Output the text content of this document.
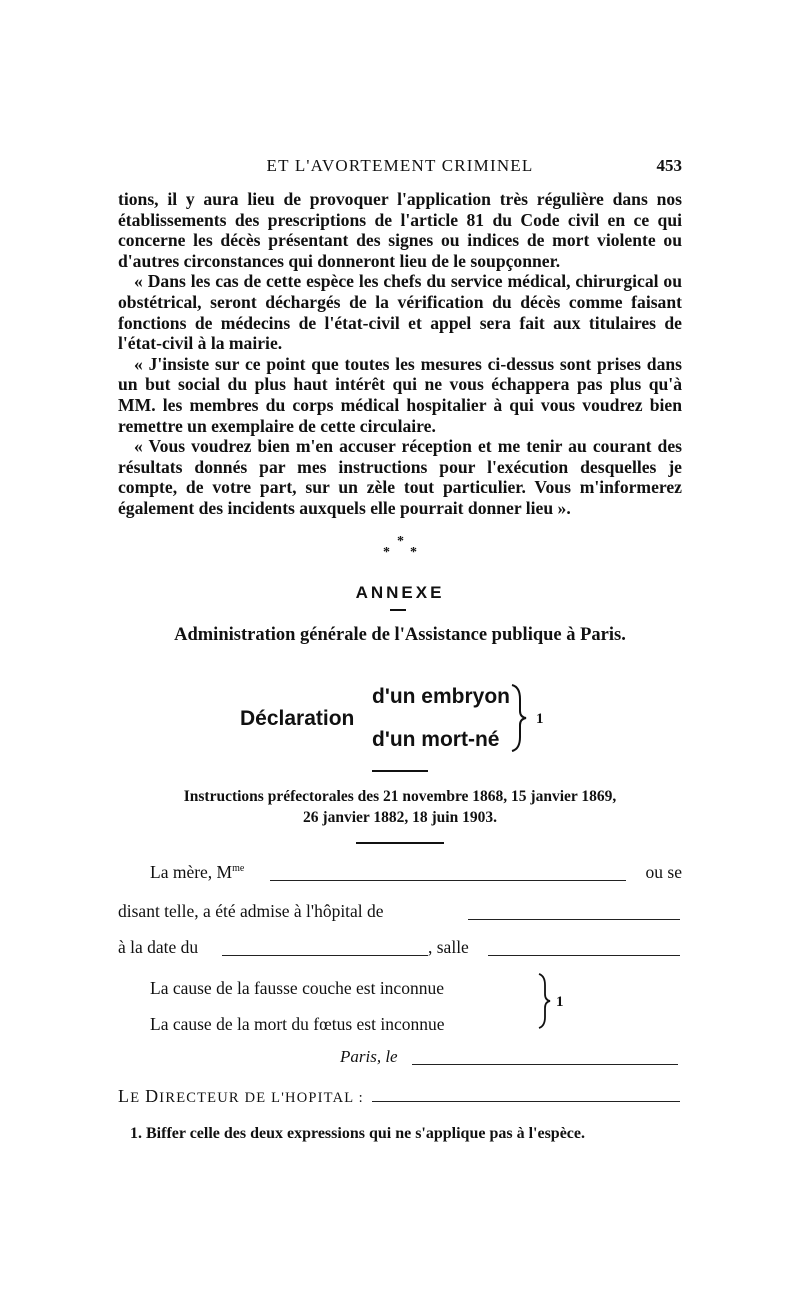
ET L'AVORTEMENT CRIMINEL	453

tions, il y aura lieu de provoquer l'application très régulière dans nos établissements des prescriptions de l'article 81 du Code civil en ce qui concerne les décès présentant des signes ou indices de mort violente ou d'autres circonstances qui donneront lieu de le soupçonner.

« Dans les cas de cette espèce les chefs du service médical, chirurgical ou obstétrical, seront déchargés de la vérification du décès comme faisant fonctions de médecins de l'état-civil et appel sera fait aux titulaires de l'état-civil à la mairie.

« J'insiste sur ce point que toutes les mesures ci-dessus sont prises dans un but social du plus haut intérêt qui ne vous échappera pas plus qu'à MM. les membres du corps médical hospitalier à qui vous voudrez bien remettre un exemplaire de cette circulaire.

« Vous voudrez bien m'en accuser réception et me tenir au courant des résultats donnés par mes instructions pour l'exécution desquelles je compte, de votre part, sur un zèle tout particulier. Vous m'informerez également des incidents auxquels elle pourrait donner lieu ».

*
* *
ANNEXE
Administration générale de l'Assistance publique à Paris.
Déclaration
d'un embryon
d'un mort-né
1
Instructions préfectorales des 21 novembre 1868, 15 janvier 1869,
26 janvier 1882, 18 juin 1903.
La mère, $M^{me}$	ou se
disant telle, a été admise à l'hôpital de
à la date du	, salle
La cause de la fausse couche est inconnue
La cause de la mort du fœtus est inconnue
1
Paris, le
LE DIRECTEUR DE L'HOPITAL :
1. Biffer celle des deux expressions qui ne s'applique pas à l'espèce.
